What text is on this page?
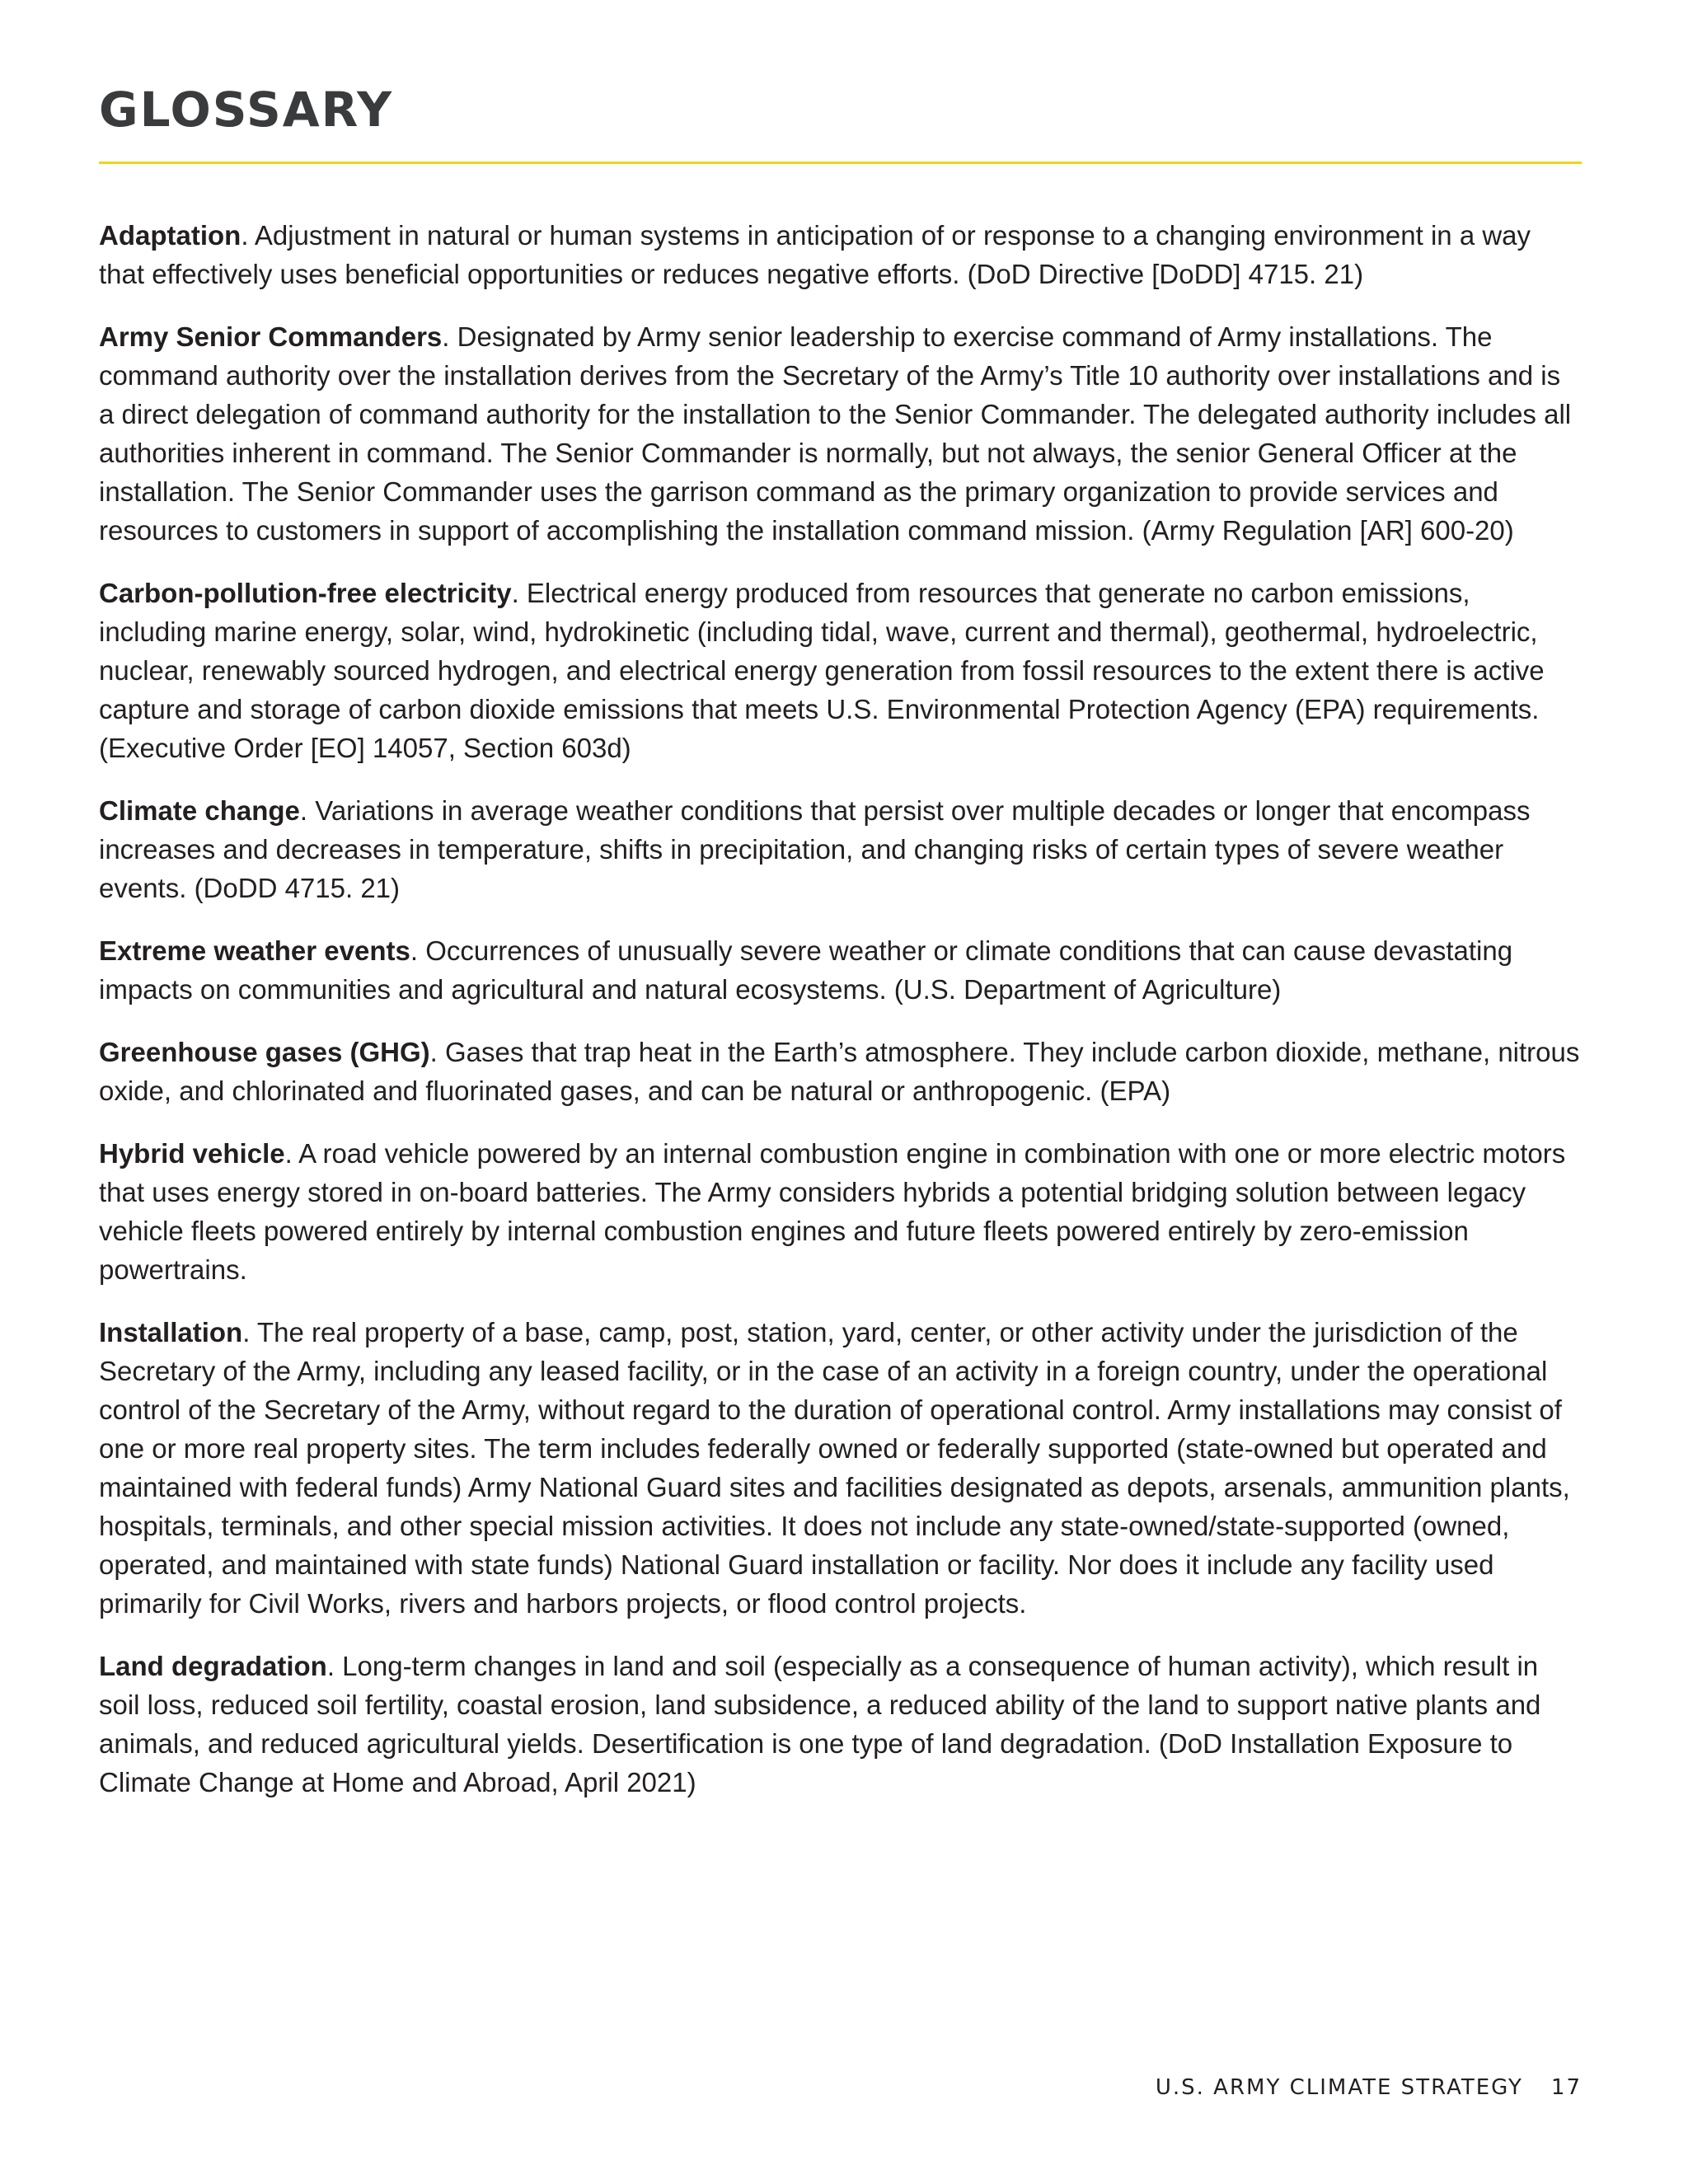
GLOSSARY

Adaptation. Adjustment in natural or human systems in anticipation of or response to a changing environment in a way that effectively uses beneficial opportunities or reduces negative efforts. (DoD Directive [DoDD] 4715. 21)

Army Senior Commanders. Designated by Army senior leadership to exercise command of Army installations. The command authority over the installation derives from the Secretary of the Army’s Title 10 authority over installations and is a direct delegation of command authority for the installation to the Senior Commander. The delegated authority includes all authorities inherent in command. The Senior Commander is normally, but not always, the senior General Officer at the installation. The Senior Commander uses the garrison command as the primary organization to provide services and resources to customers in support of accomplishing the installation command mission. (Army Regulation [AR] 600-20)

Carbon-pollution-free electricity. Electrical energy produced from resources that generate no carbon emissions, including marine energy, solar, wind, hydrokinetic (including tidal, wave, current and thermal), geothermal, hydroelectric, nuclear, renewably sourced hydrogen, and electrical energy generation from fossil resources to the extent there is active capture and storage of carbon dioxide emissions that meets U.S. Environmental Protection Agency (EPA) requirements. (Executive Order [EO] 14057, Section 603d)

Climate change. Variations in average weather conditions that persist over multiple decades or longer that encompass increases and decreases in temperature, shifts in precipitation, and changing risks of certain types of severe weather events. (DoDD 4715. 21)

Extreme weather events. Occurrences of unusually severe weather or climate conditions that can cause devastating impacts on communities and agricultural and natural ecosystems. (U.S. Department of Agriculture)

Greenhouse gases (GHG). Gases that trap heat in the Earth’s atmosphere. They include carbon dioxide, methane, nitrous oxide, and chlorinated and fluorinated gases, and can be natural or anthropogenic. (EPA)

Hybrid vehicle. A road vehicle powered by an internal combustion engine in combination with one or more electric motors that uses energy stored in on-board batteries. The Army considers hybrids a potential bridging solution between legacy vehicle fleets powered entirely by internal combustion engines and future fleets powered entirely by zero-emission powertrains.

Installation. The real property of a base, camp, post, station, yard, center, or other activity under the jurisdiction of the Secretary of the Army, including any leased facility, or in the case of an activity in a foreign country, under the operational control of the Secretary of the Army, without regard to the duration of operational control. Army installations may consist of one or more real property sites. The term includes federally owned or federally supported (state-owned but operated and maintained with federal funds) Army National Guard sites and facilities designated as depots, arsenals, ammunition plants, hospitals, terminals, and other special mission activities. It does not include any state-owned/state-supported (owned, operated, and maintained with state funds) National Guard installation or facility. Nor does it include any facility used primarily for Civil Works, rivers and harbors projects, or flood control projects.

Land degradation. Long-term changes in land and soil (especially as a consequence of human activity), which result in soil loss, reduced soil fertility, coastal erosion, land subsidence, a reduced ability of the land to support native plants and animals, and reduced agricultural yields. Desertification is one type of land degradation. (DoD Installation Exposure to Climate Change at Home and Abroad, April 2021)

U.S. ARMY CLIMATE STRATEGY 17
